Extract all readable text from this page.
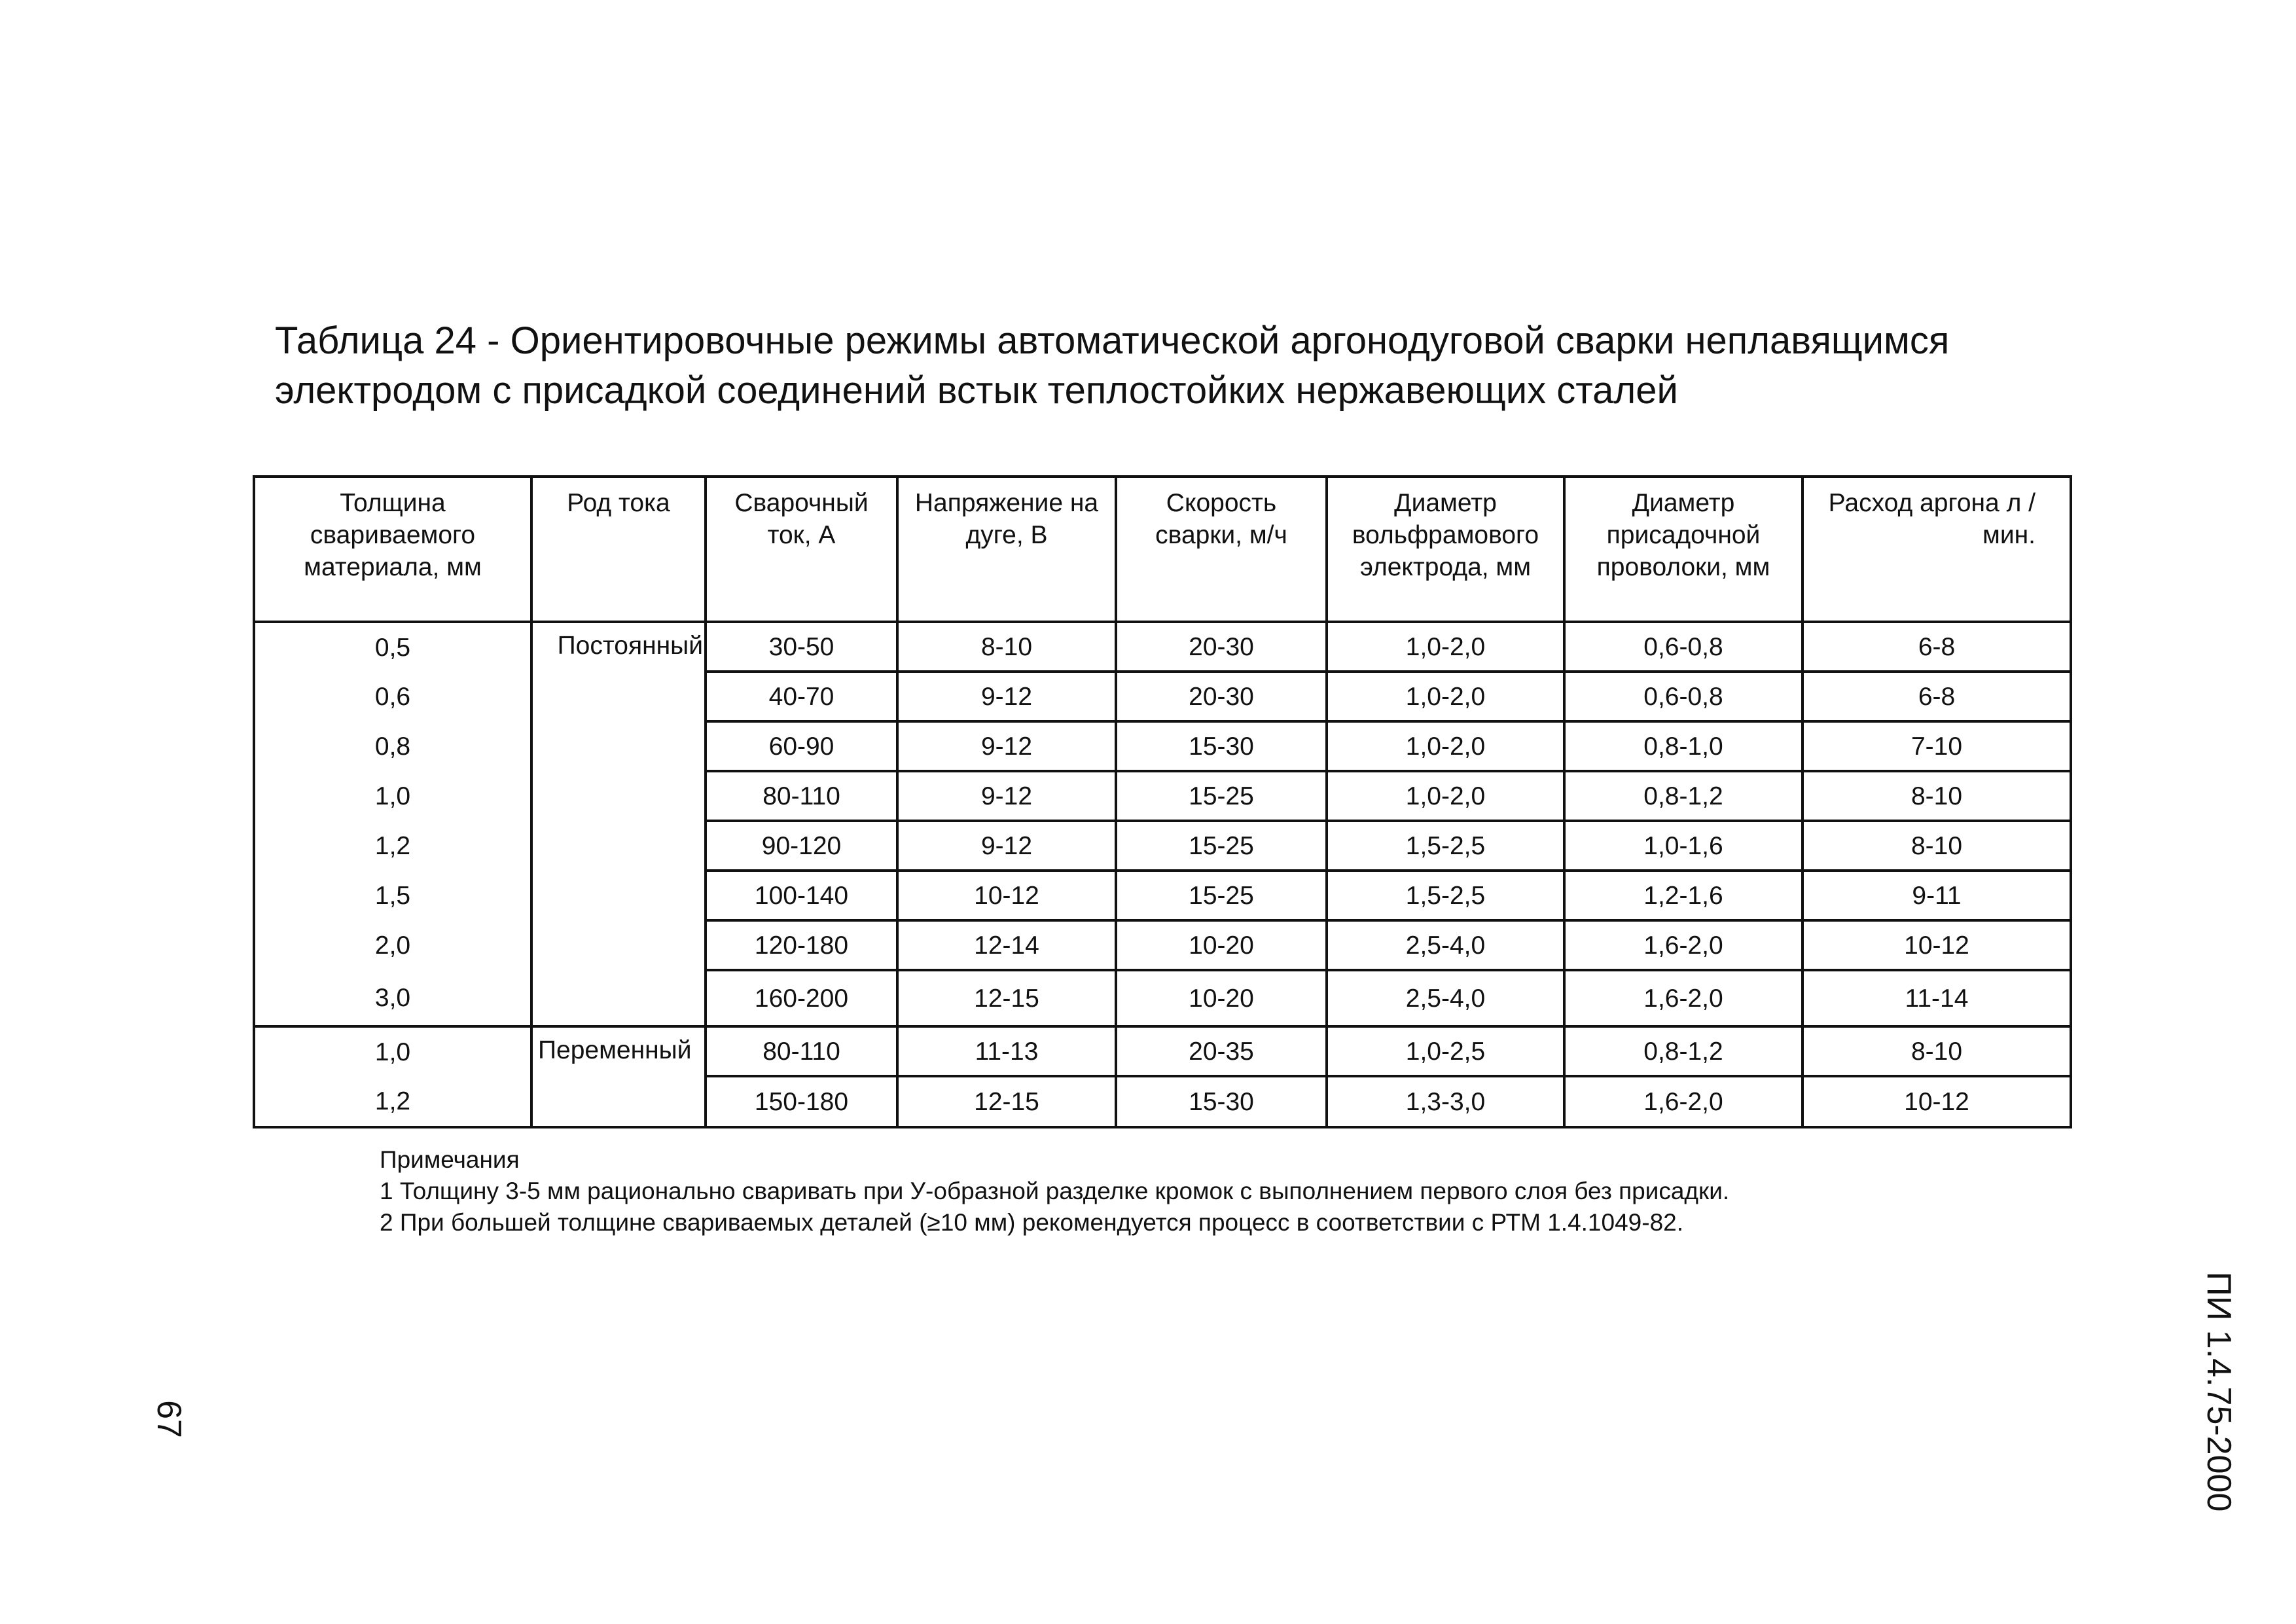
Таблица 24 - Ориентировочные режимы автоматической аргонодуговой сварки неплавящимся
электродом с присадкой соединений встык теплостойких нержавеющих сталей
Толщина свариваемого материала, мм	Род тока	Сварочный ток, А	Напряжение на дуге, В	Скорость сварки, м/ч	Диаметр вольфрамового электрода, мм	Диаметр присадочной проволоки, мм	Расход аргона л /мин.
0,5	Постоянный	30-50	8-10	20-30	1,0-2,0	0,6-0,8	6-8
0,6		40-70	9-12	20-30	1,0-2,0	0,6-0,8	6-8
0,8		60-90	9-12	15-30	1,0-2,0	0,8-1,0	7-10
1,0		80-110	9-12	15-25	1,0-2,0	0,8-1,2	8-10
1,2		90-120	9-12	15-25	1,5-2,5	1,0-1,6	8-10
1,5		100-140	10-12	15-25	1,5-2,5	1,2-1,6	9-11
2,0		120-180	12-14	10-20	2,5-4,0	1,6-2,0	10-12
3,0		160-200	12-15	10-20	2,5-4,0	1,6-2,0	11-14
1,0	Переменный	80-110	11-13	20-35	1,0-2,5	0,8-1,2	8-10
1,2		150-180	12-15	15-30	1,3-3,0	1,6-2,0	10-12
Примечания
1 Толщину 3-5 мм рационально сваривать при У-образной разделке кромок с выполнением первого слоя без присадки.
2 При большей толщине свариваемых деталей (≥10 мм) рекомендуется процесс в соответствии с РТМ 1.4.1049-82.
67	ПИ 1.4.75-2000
